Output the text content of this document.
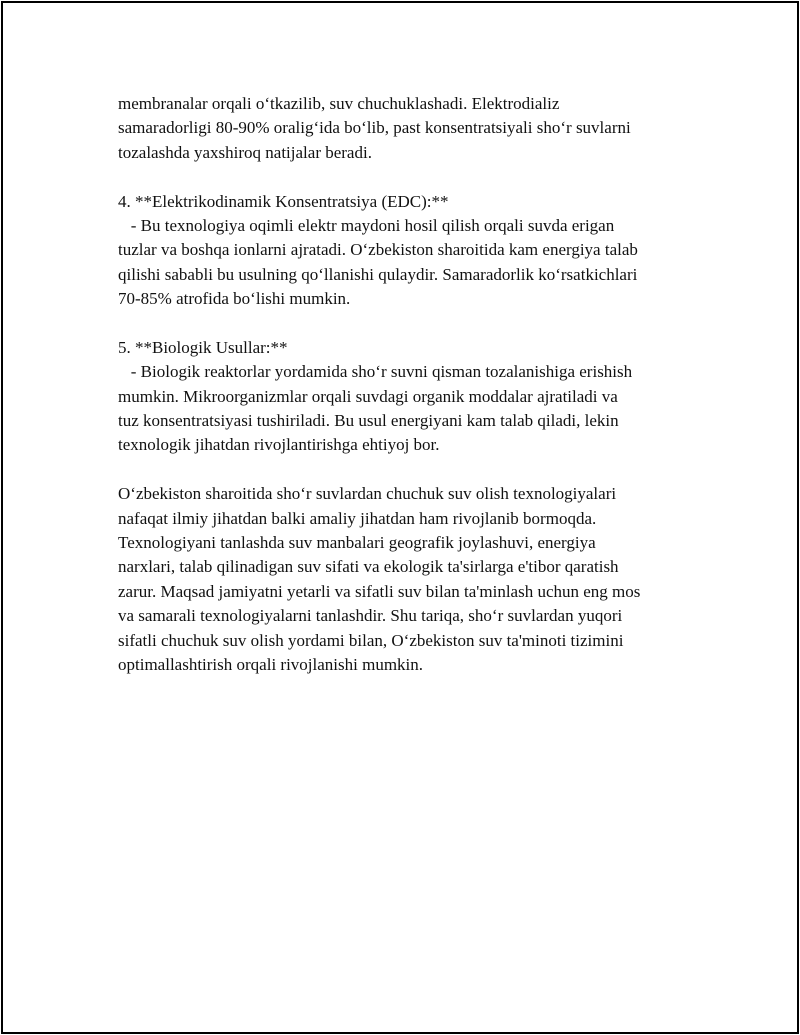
membranalar orqali o‘tkazilib, suv chuchuklashadi. Elektrodializ
samaradorligi 80-90% oralig‘ida bo‘lib, past konsentratsiyali sho‘r suvlarni
tozalashda yaxshiroq natijalar beradi.
4. **Elektrikodinamik Konsentratsiya (EDC):**
- Bu texnologiya oqimli elektr maydoni hosil qilish orqali suvda erigan
tuzlar va boshqa ionlarni ajratadi. O‘zbekiston sharoitida kam energiya talab
qilishi sababli bu usulning qo‘llanishi qulaydir. Samaradorlik ko‘rsatkichlari
70-85% atrofida bo‘lishi mumkin.
5. **Biologik Usullar:**
- Biologik reaktorlar yordamida sho‘r suvni qisman tozalanishiga erishish
mumkin. Mikroorganizmlar orqali suvdagi organik moddalar ajratiladi va
tuz konsentratsiyasi tushiriladi. Bu usul energiyani kam talab qiladi, lekin
texnologik jihatdan rivojlantirishga ehtiyoj bor.
O‘zbekiston sharoitida sho‘r suvlardan chuchuk suv olish texnologiyalari
nafaqat ilmiy jihatdan balki amaliy jihatdan ham rivojlanib bormoqda.
Texnologiyani tanlashda suv manbalari geografik joylashuvi, energiya
narxlari, talab qilinadigan suv sifati va ekologik ta'sirlarga e'tibor qaratish
zarur. Maqsad jamiyatni yetarli va sifatli suv bilan ta'minlash uchun eng mos
va samarali texnologiyalarni tanlashdir. Shu tariqa, sho‘r suvlardan yuqori
sifatli chuchuk suv olish yordami bilan, O‘zbekiston suv ta'minoti tizimini
optimallashtirish orqali rivojlanishi mumkin.
